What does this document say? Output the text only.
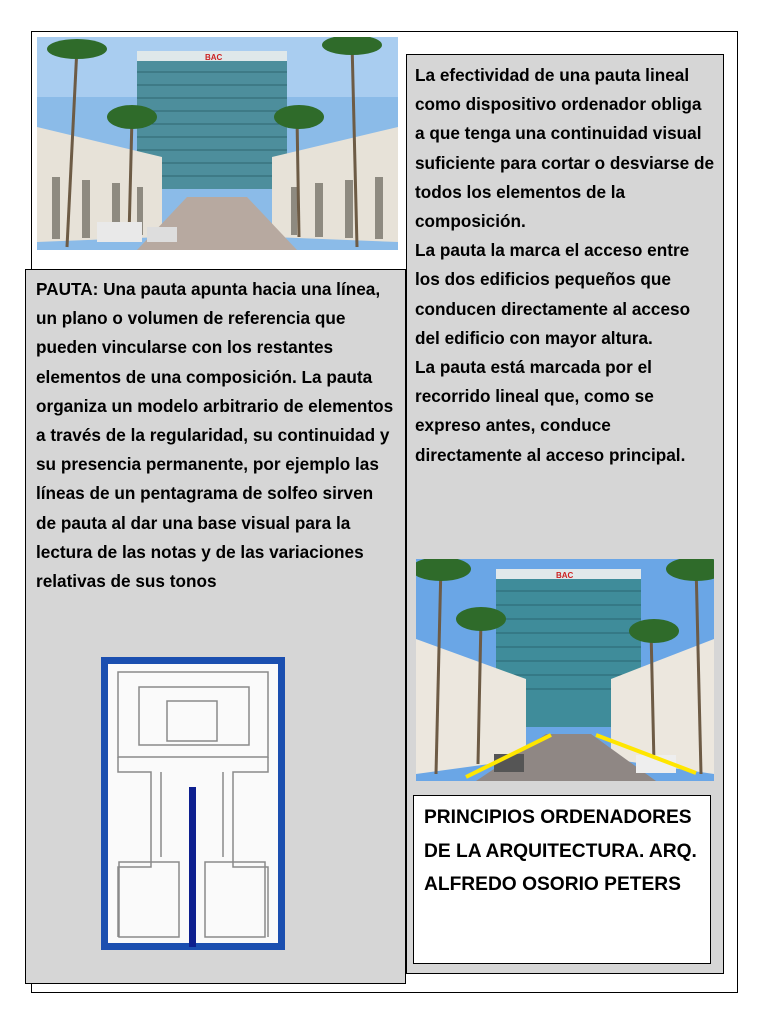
BAC

La efectividad de una pauta lineal como dispositivo ordenador obliga a que tenga una continuidad visual suficiente para cortar o desviarse de todos los elementos de la composición.

La pauta la marca el acceso entre los dos edificios pequeños que conducen directamente al acceso del edificio con mayor altura.

La pauta está marcada por el recorrido lineal que, como se expreso antes, conduce directamente al acceso principal.

BAC

PRINCIPIOS ORDENADORES DE LA ARQUITECTURA. ARQ. ALFREDO OSORIO PETERS

PAUTA: Una pauta apunta hacia una línea, un plano o volumen de referencia que pueden vincularse con los restantes elementos de una composición. La pauta organiza un modelo arbitrario de elementos a través de la regularidad, su continuidad y su presencia permanente, por ejemplo las líneas de un pentagrama de solfeo sirven de pauta al dar una base visual para la lectura de las notas y de las variaciones relativas de sus tonos
